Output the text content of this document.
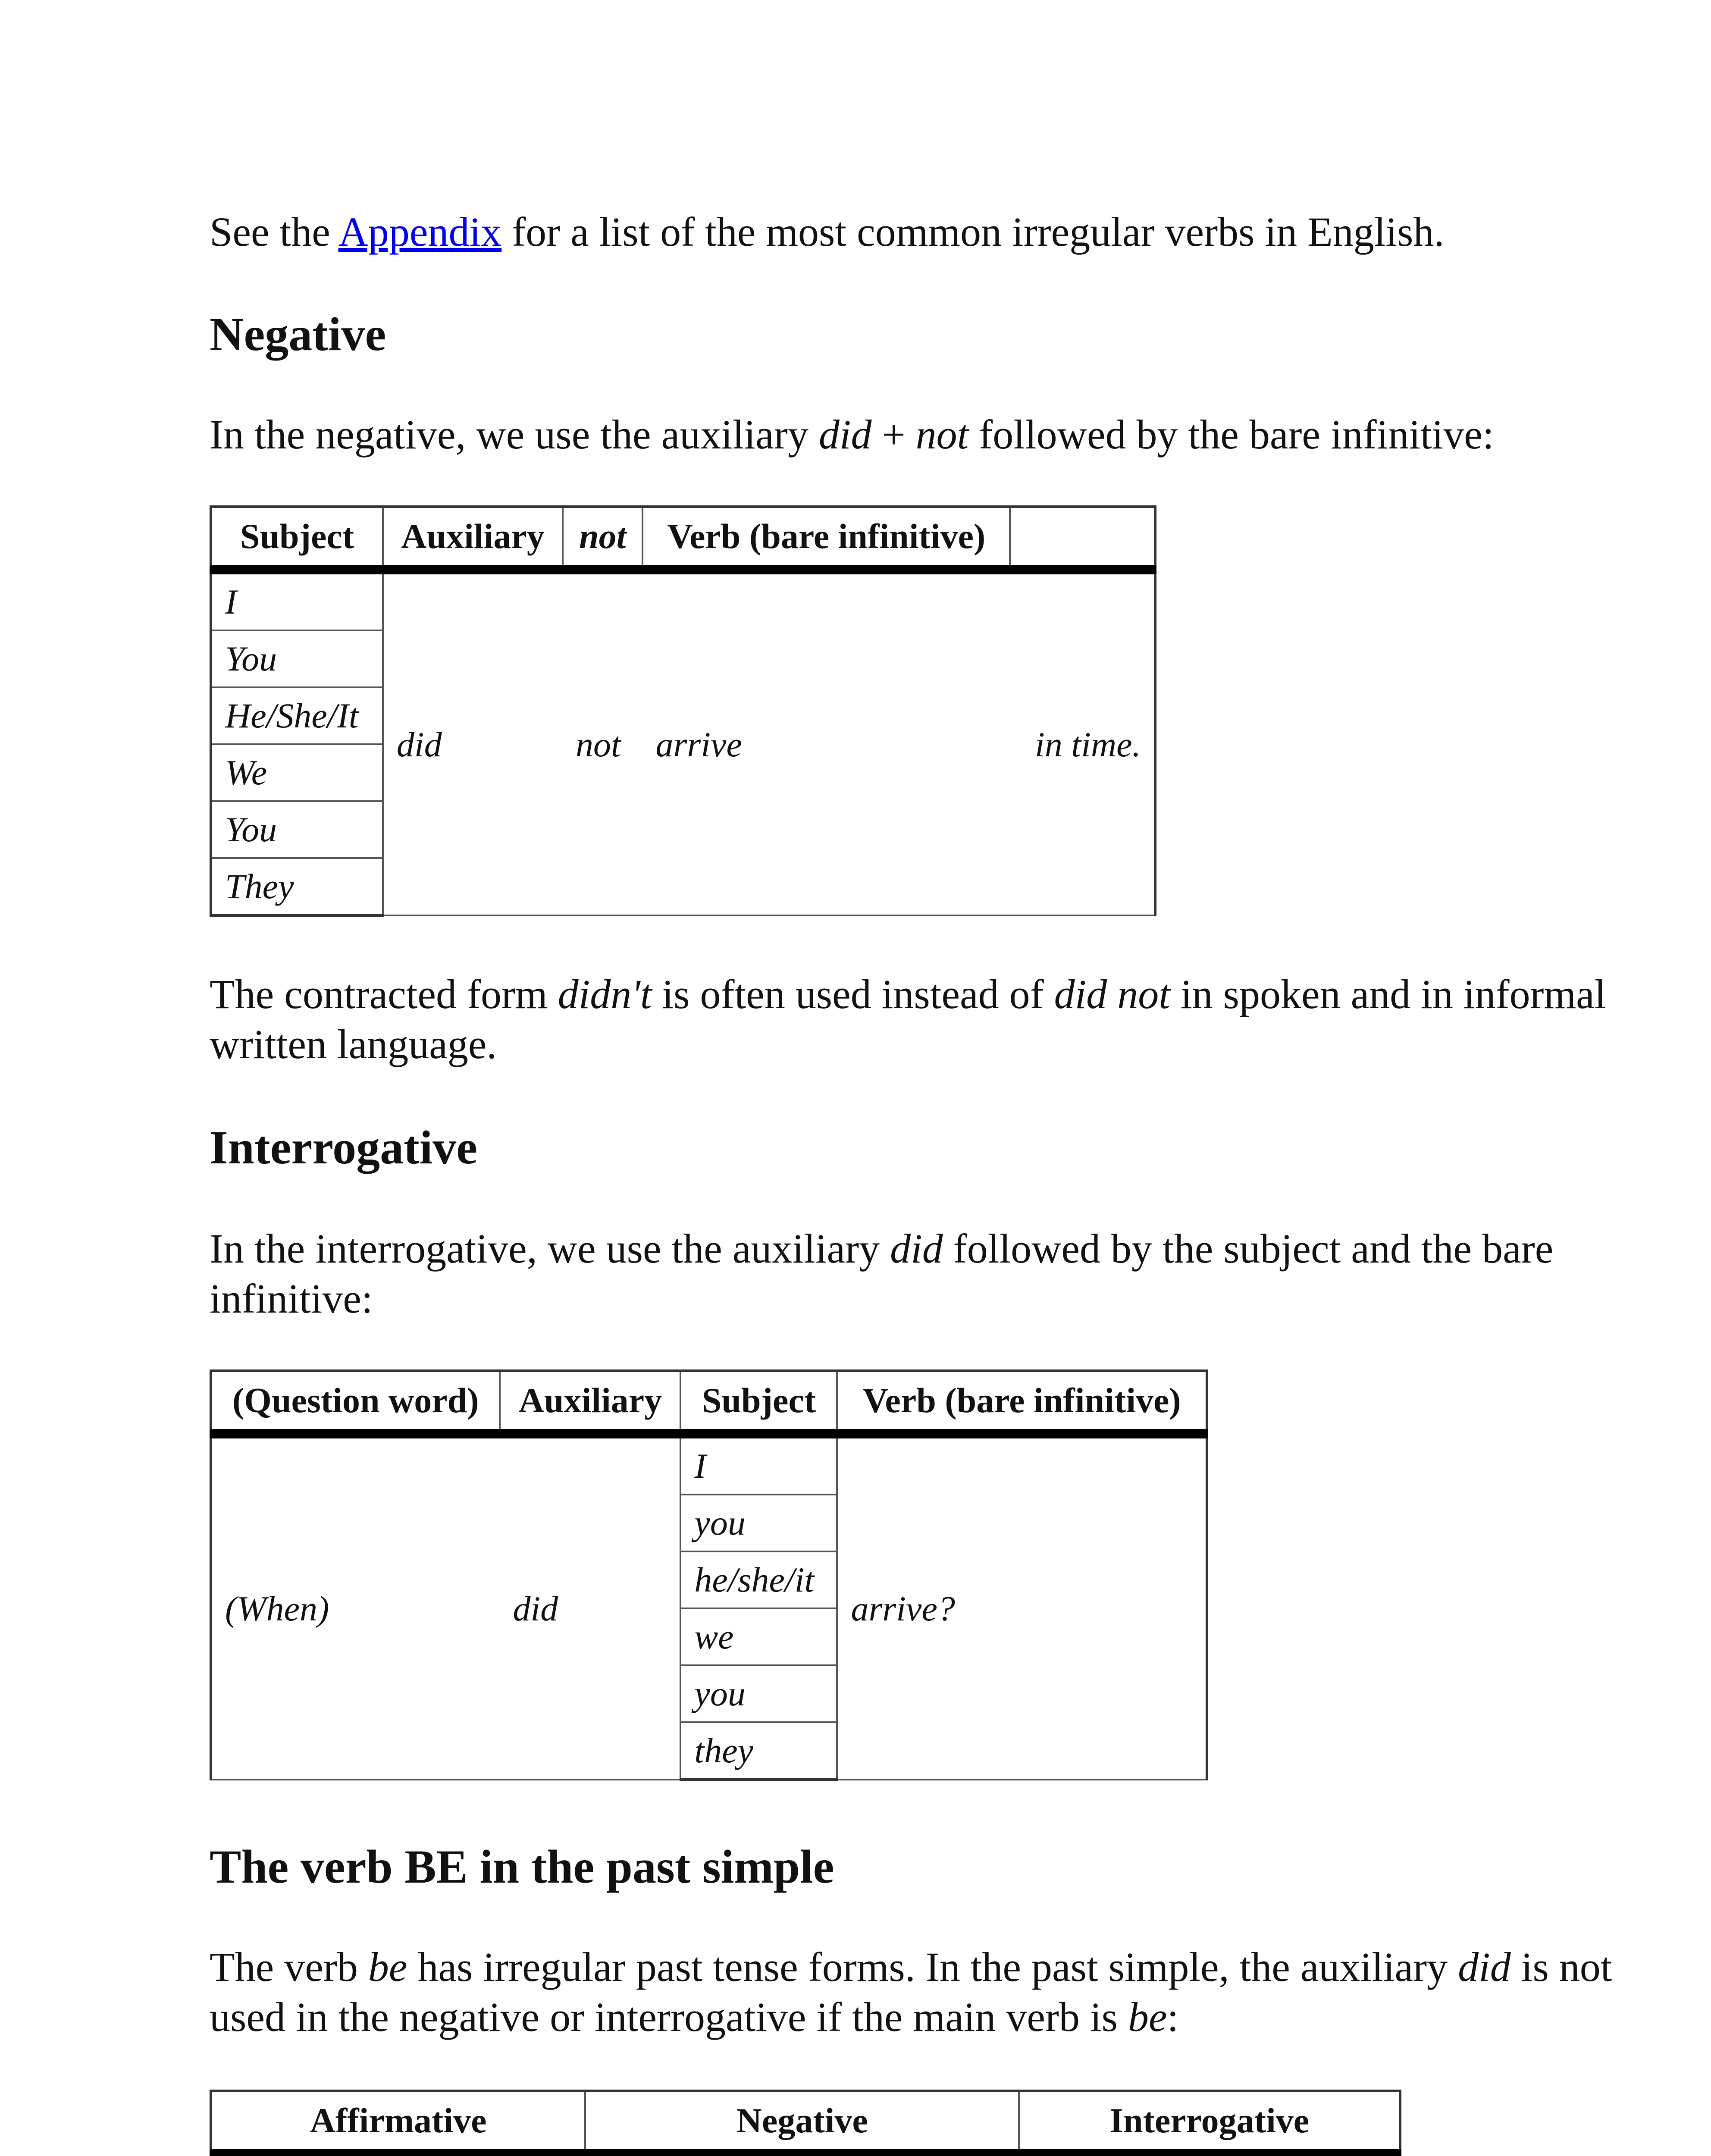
See the Appendix for a list of the most common irregular verbs in English.

Negative

In the negative, we use the auxiliary did + not followed by the bare infinitive:

Subject	Auxiliary	not	Verb (bare infinitive)	
I	did	not	arrive	in time.
You				
He/She/It				
We				
You				
They				

The contracted form didn't is often used instead of did not in spoken and in informal written language.

Interrogative

In the interrogative, we use the auxiliary did followed by the subject and the bare infinitive:

(Question word)	Auxiliary	Subject	Verb (bare infinitive)
(When)	did	I	arrive?
		you	
		he/she/it	
		we	
		you	
		they	
The verb BE in the past simple

The verb be has irregular past tense forms. In the past simple, the auxiliary did is not used in the negative or interrogative if the main verb is be:

Affirmative	Negative	Interrogative
